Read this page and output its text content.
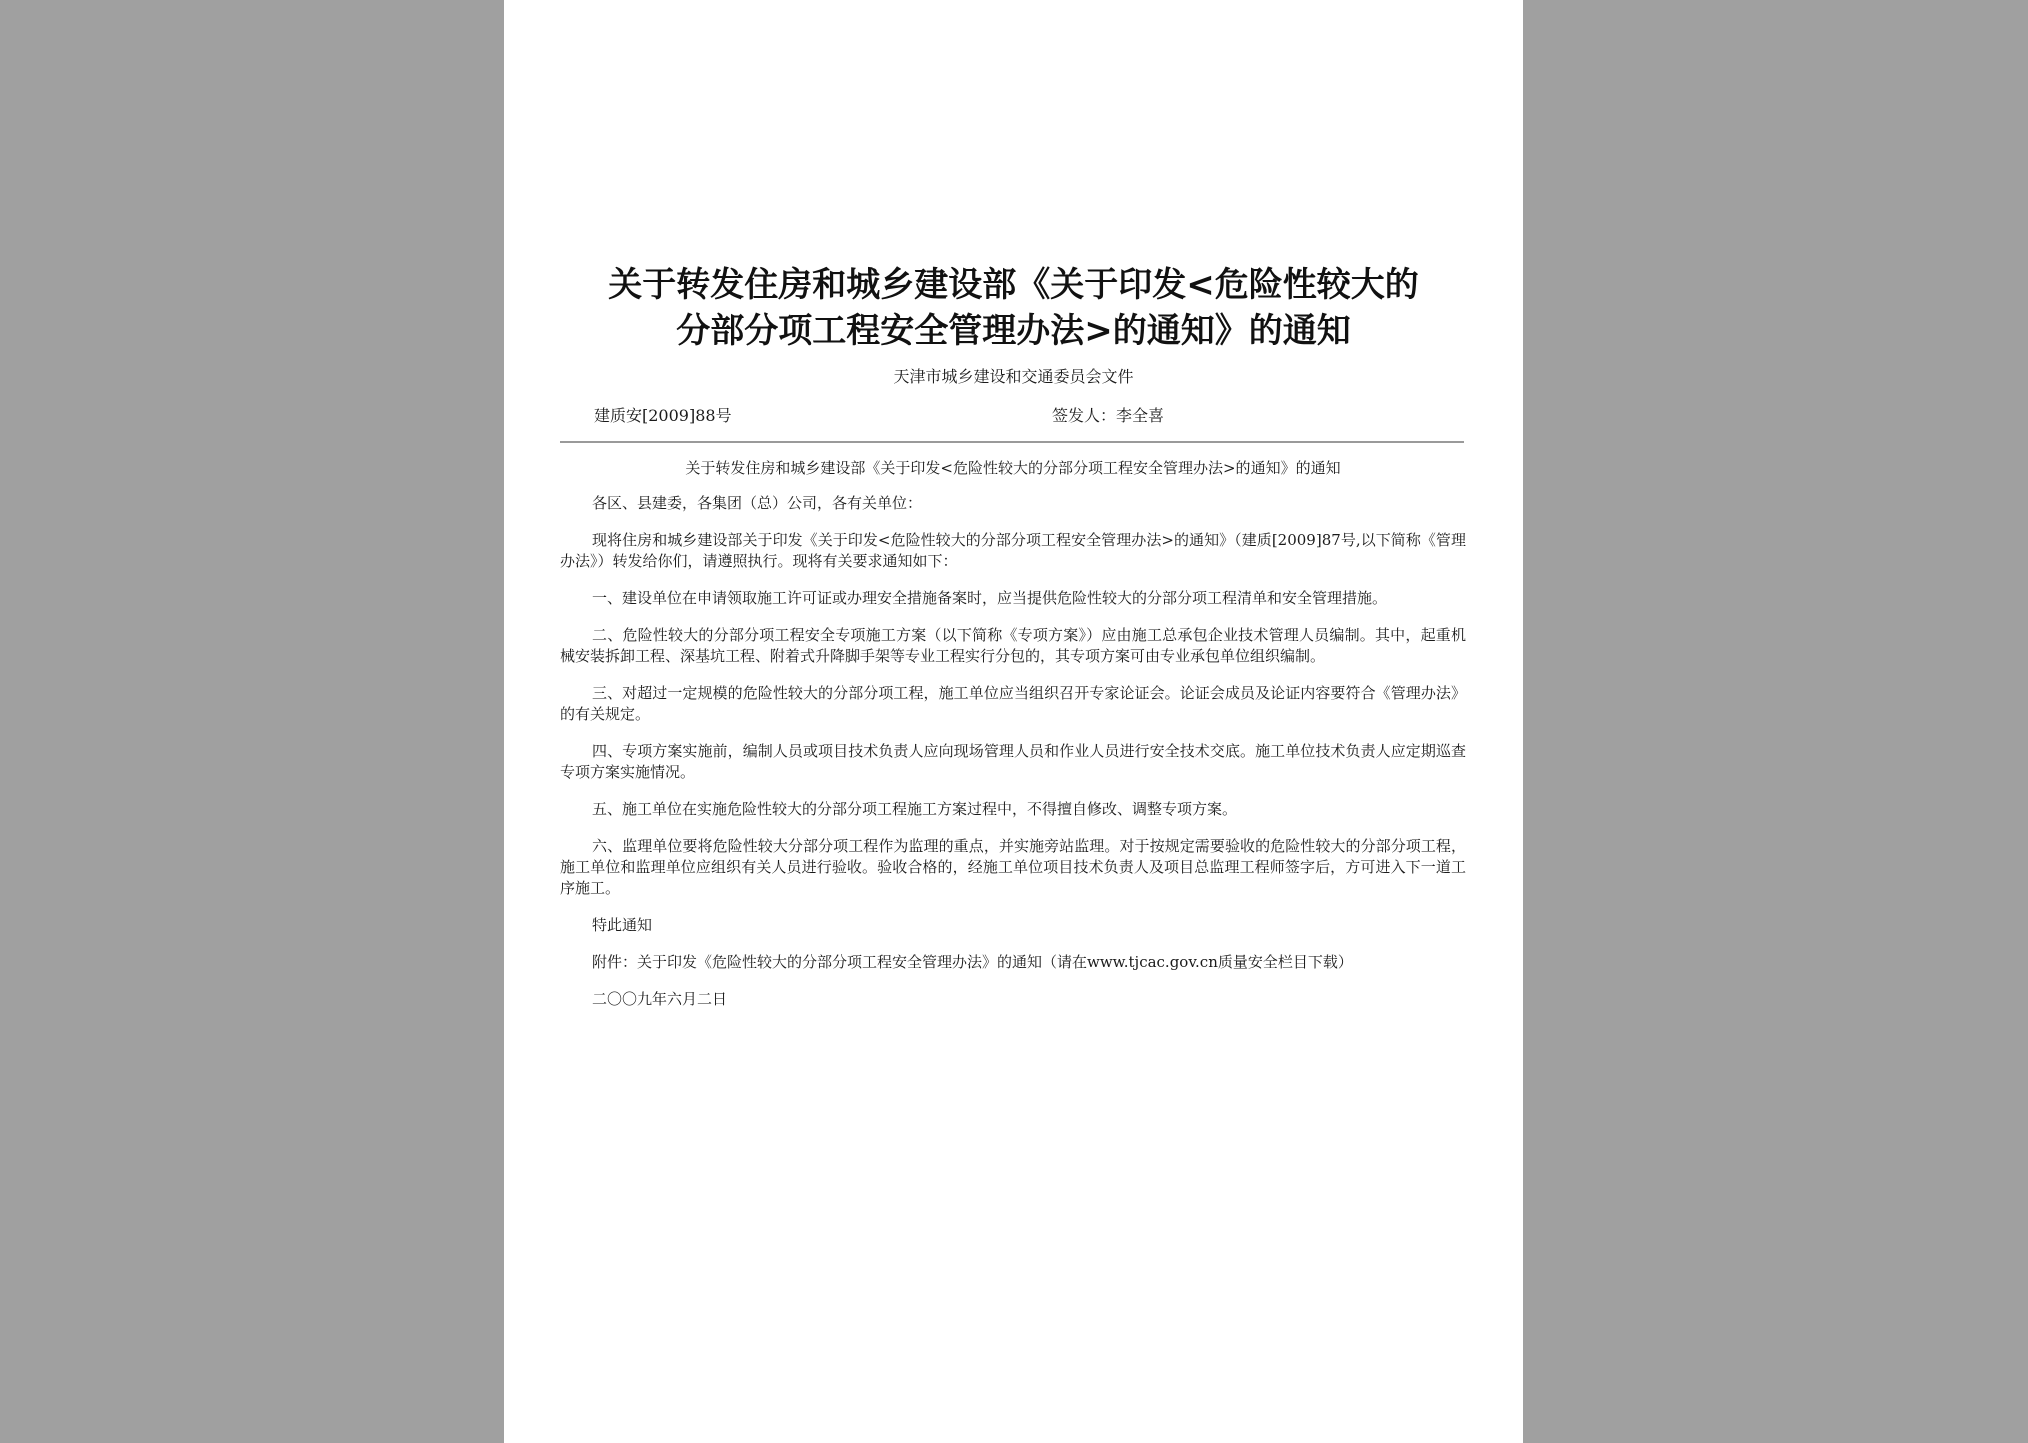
关于转发住房和城乡建设部《关于印发<危险性较大的
分部分项工程安全管理办法>的通知》的通知
天津市城乡建设和交通委员会文件
建质安[2009]88号	签发人：李全喜
关于转发住房和城乡建设部《关于印发<危险性较大的分部分项工程安全管理办法>的通知》的通知
各区、县建委，各集团（总）公司，各有关单位：
现将住房和城乡建设部关于印发《关于印发<危险性较大的分部分项工程安全管理办法>的通知》（建质[2009]87号,以下简称《管理办法》）转发给你们，请遵照执行。现将有关要求通知如下：
一、建设单位在申请领取施工许可证或办理安全措施备案时，应当提供危险性较大的分部分项工程清单和安全管理措施。
二、危险性较大的分部分项工程安全专项施工方案（以下简称《专项方案》）应由施工总承包企业技术管理人员编制。其中，起重机械安装拆卸工程、深基坑工程、附着式升降脚手架等专业工程实行分包的，其专项方案可由专业承包单位组织编制。
三、对超过一定规模的危险性较大的分部分项工程，施工单位应当组织召开专家论证会。论证会成员及论证内容要符合《管理办法》的有关规定。
四、专项方案实施前，编制人员或项目技术负责人应向现场管理人员和作业人员进行安全技术交底。施工单位技术负责人应定期巡查专项方案实施情况。
五、施工单位在实施危险性较大的分部分项工程施工方案过程中，不得擅自修改、调整专项方案。
六、监理单位要将危险性较大分部分项工程作为监理的重点，并实施旁站监理。对于按规定需要验收的危险性较大的分部分项工程，施工单位和监理单位应组织有关人员进行验收。验收合格的，经施工单位项目技术负责人及项目总监理工程师签字后，方可进入下一道工序施工。
特此通知
附件：关于印发《危险性较大的分部分项工程安全管理办法》的通知（请在www.tjcac.gov.cn质量安全栏目下载）
二〇〇九年六月二日
